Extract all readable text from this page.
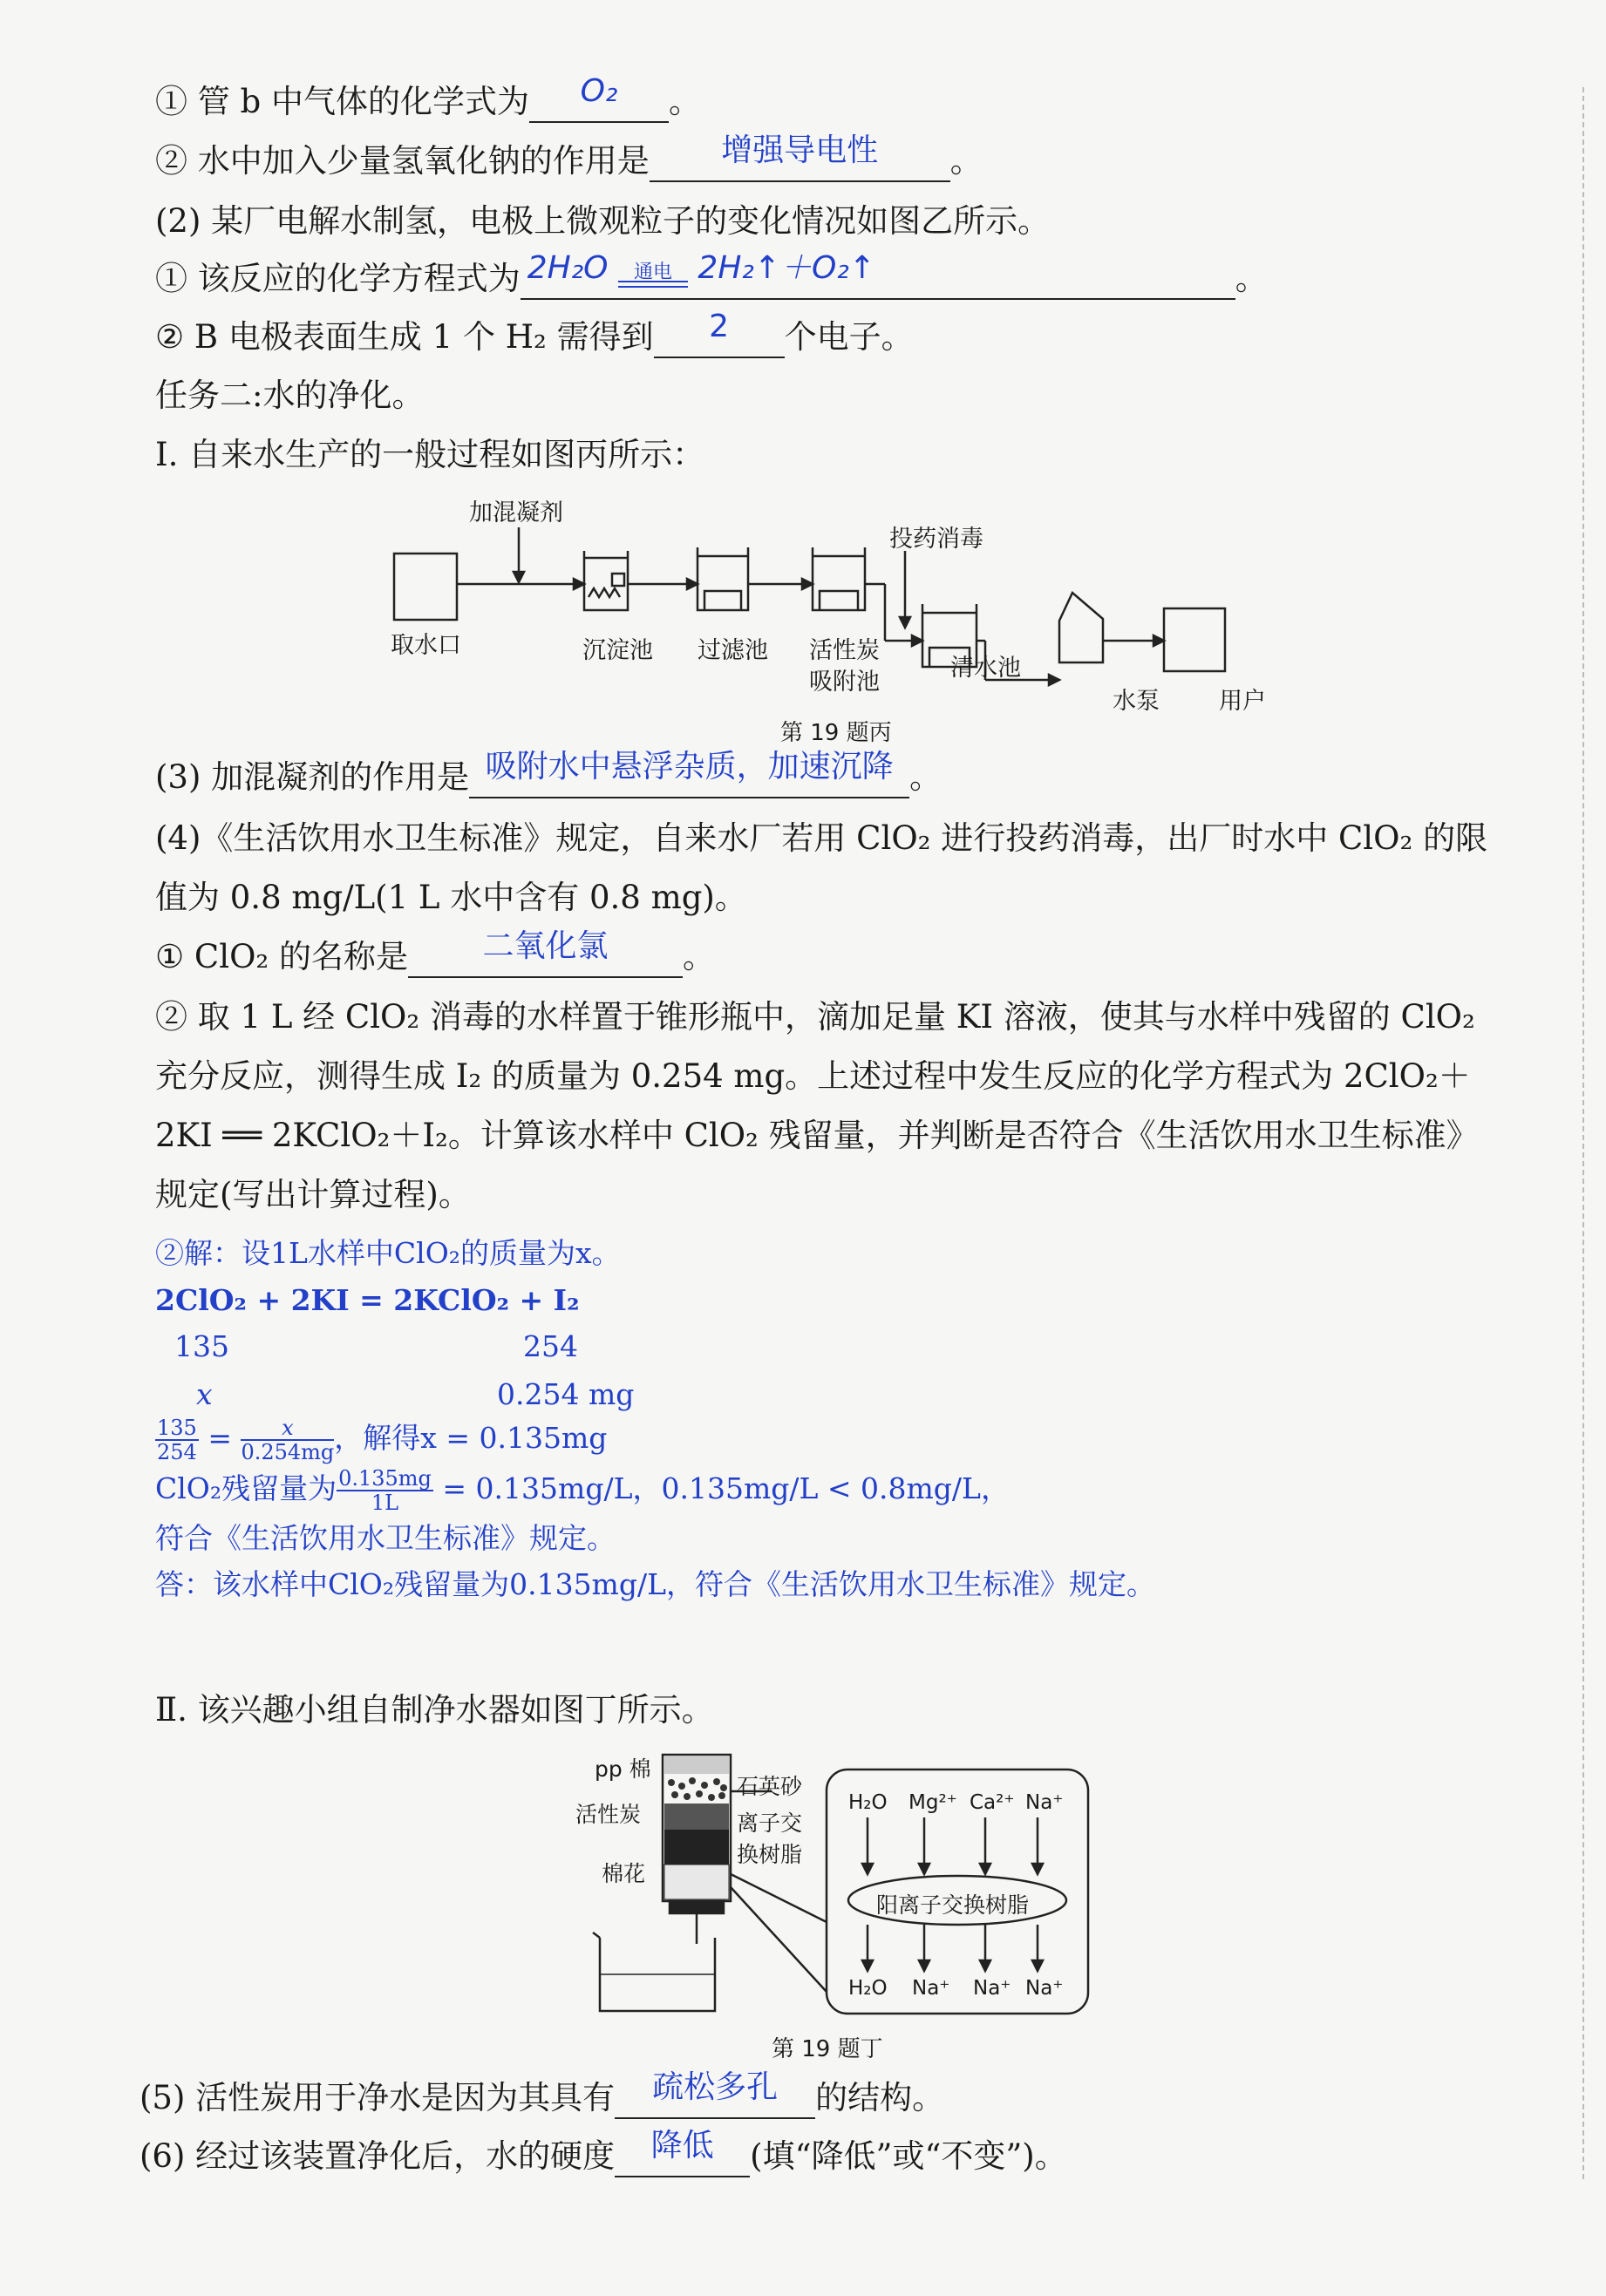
① 管 b 中气体的化学式为	O₂	。
② 水中加入少量氢氧化钠的作用是	增强导电性	。
(2) 某厂电解水制氢，电极上微观粒子的变化情况如图乙所示。
① 该反应的化学方程式为 2H₂O	通电 2H₂↑＋O₂↑	。
② B 电极表面生成 1 个 H₂ 需得到	2	个电子。
任务二:水的净化。
Ⅰ. 自来水生产的一般过程如图丙所示：
加混凝剂
投药消毒
取水口	沉淀池 过滤池 活性炭
吸附池
清水池
水泵	用户
第 19 题丙
(3) 加混凝剂的作用是 吸附水中悬浮杂质，加速沉降 。
(4)《生活饮用水卫生标准》规定，自来水厂若用 ClO₂ 进行投药消毒，出厂时水中 ClO₂ 的限
值为 0.8 mg/L(1 L 水中含有 0.8 mg)。
① ClO₂ 的名称是	二氧化氯	。
② 取 1 L 经 ClO₂ 消毒的水样置于锥形瓶中，滴加足量 KI 溶液，使其与水样中残留的 ClO₂
充分反应，测得生成 I₂ 的质量为 0.254 mg。上述过程中发生反应的化学方程式为 2ClO₂＋
2KI ══ 2KClO₂＋I₂。计算该水样中 ClO₂ 残留量，并判断是否符合《生活饮用水卫生标准》
规定(写出计算过程)。
②解：设1L水样中ClO₂的质量为x。
2ClO₂ + 2KI = 2KClO₂ + I₂
135	254
x	0.254 mg
$\frac{135}{254} = \frac{x}{0.254mg}$ ，解得x = 0.135mg
ClO₂残留量为 $\frac{0.135mg}{1L} = 0.135mg/L$，0.135mg/L < 0.8mg/L，
符合《生活饮用水卫生标准》规定。
答：该水样中ClO₂残留量为0.135mg/L，符合《生活饮用水卫生标准》规定。
Ⅱ. 该兴趣小组自制净水器如图丁所示。
pp 棉
活性炭
棉花
石英砂
离子交
换树脂
H₂O Mg²⁺ Ca²⁺ Na⁺
阳离子交换树脂
H₂O Na⁺ Na⁺ Na⁺
第 19 题丁
(5) 活性炭用于净水是因为其具有	疏松多孔	的结构。
(6) 经过该装置净化后，水的硬度	降低	(填“降低”或“不变”)。
